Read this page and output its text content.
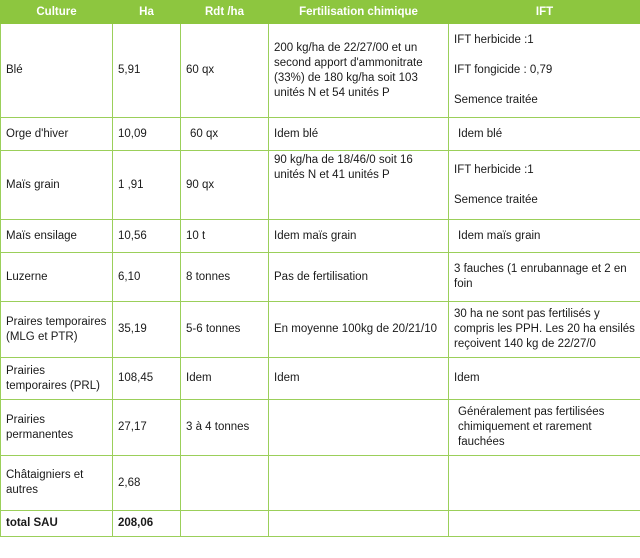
Culture	Ha	Rdt /ha	Fertilisation chimique	IFT
Blé	5,91	60 qx	200 kg/ha de 22/27/00 et un second apport d'ammonitrate (33%) de 180 kg/ha soit 103 unités N et 54 unités P	IFT herbicide :1

IFT fongicide : 0,79

Semence traitée
Orge d'hiver	10,09	60 qx	Idem blé	Idem blé
Maïs grain	1 ,91	90 qx	90 kg/ha de 18/46/0 soit 16 unités N et 41 unités P	IFT herbicide :1

Semence traitée
Maïs ensilage	10,56	10 t	Idem maïs grain	Idem maïs grain
Luzerne	6,10	8 tonnes	Pas de fertilisation	3 fauches (1 enrubannage et 2 en foin
Praires temporaires (MLG et PTR)	35,19	5-6 tonnes	En moyenne 100kg de 20/21/10	30 ha ne sont pas fertilisés y compris les PPH. Les 20 ha ensilés reçoivent 140 kg de 22/27/0
Prairies temporaires (PRL)	108,45	Idem	Idem	Idem
Prairies permanentes	27,17	3 à 4 tonnes		Généralement pas fertilisées chimiquement et rarement fauchées
Châtaigniers et autres	2,68			
total SAU	208,06			
